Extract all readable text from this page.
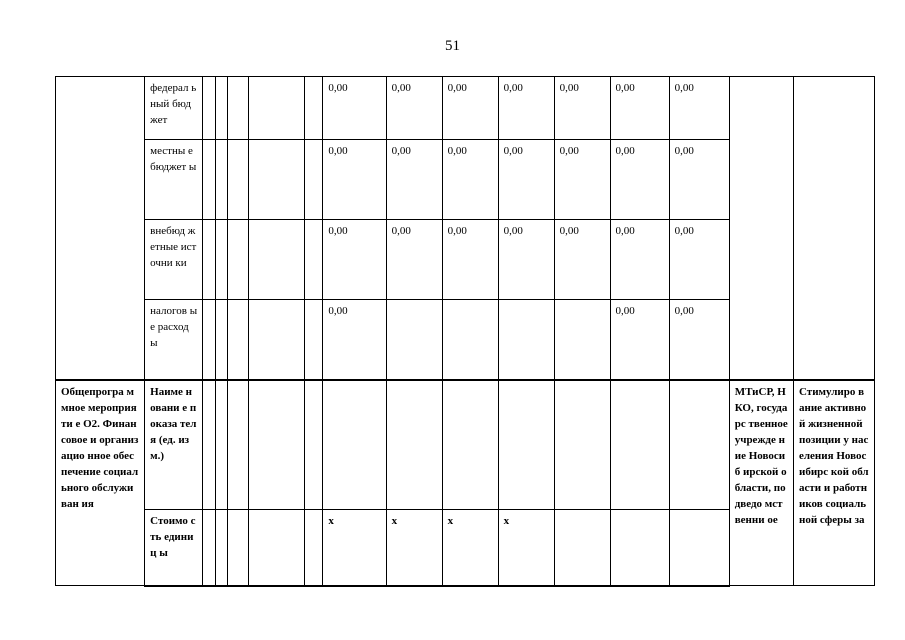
51
	федерал ьный бюджет						0,00	0,00	0,00	0,00	0,00	0,00	0,00		
	местны е бюджет ы						0,00	0,00	0,00	0,00	0,00	0,00	0,00		
	внебюд жетные источни ки						0,00	0,00	0,00	0,00	0,00	0,00	0,00		
	налогов ые расход ы						0,00					0,00	0,00		
Общепрогра ммное мероприяти е О2. Финансовое и организацио нное обеспечение социального обслуживан ия	Наиме новани е показа теля (ед. изм.)													МТиСР, НКО, государс твенное учрежде ние Новосиб ирской области, подведо мственни ое	Стимулиро вание активной жизненной позиции у населения Новосибирс кой области и работников социальной сферы за
	Стоимо сть единиц ы						x	x	x	x					
